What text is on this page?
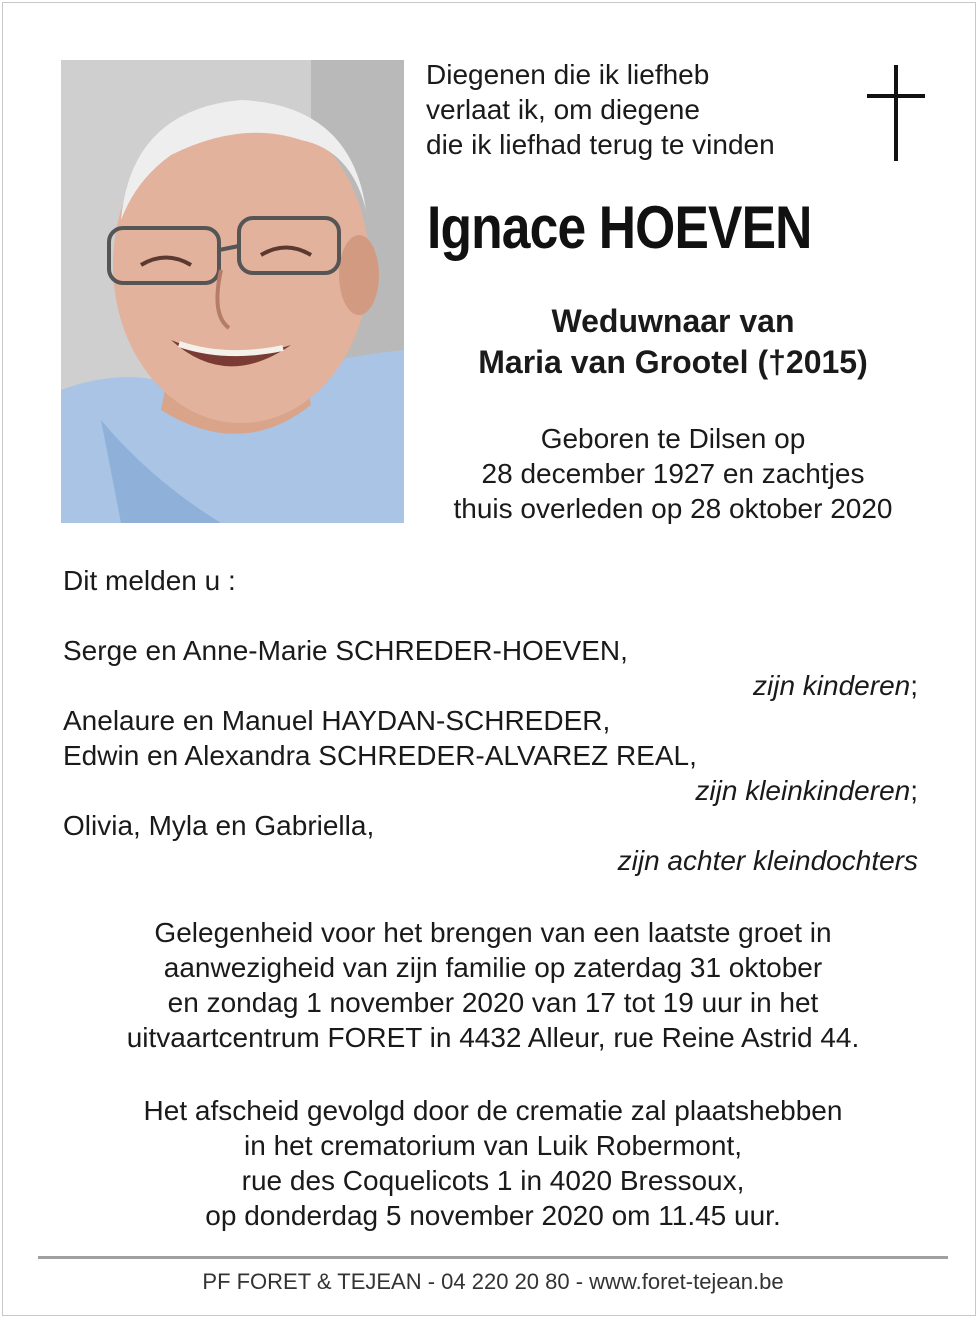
Diegenen die ik liefheb
verlaat ik, om diegene
die ik liefhad terug te vinden
Ignace HOEVEN
Weduwnaar van
Maria van Grootel (†2015)
Geboren te Dilsen op
28 december 1927 en zachtjes
thuis overleden op 28 oktober 2020
Dit melden u :
Serge en Anne-Marie SCHREDER-HOEVEN,
zijn kinderen;
Anelaure en Manuel HAYDAN-SCHREDER,
Edwin en Alexandra SCHREDER-ALVAREZ REAL,
zijn kleinkinderen;
Olivia, Myla en Gabriella,
zijn achter kleindochters
Gelegenheid voor het brengen van een laatste groet in
aanwezigheid van zijn familie op zaterdag 31 oktober
en zondag 1 november 2020 van 17 tot 19 uur in het
uitvaartcentrum FORET in 4432 Alleur, rue Reine Astrid 44.
Het afscheid gevolgd door de crematie zal plaatshebben
in het crematorium van Luik Robermont,
rue des Coquelicots 1 in 4020 Bressoux,
op donderdag 5 november 2020 om 11.45 uur.
PF FORET & TEJEAN - 04 220 20 80 - www.foret-tejean.be
